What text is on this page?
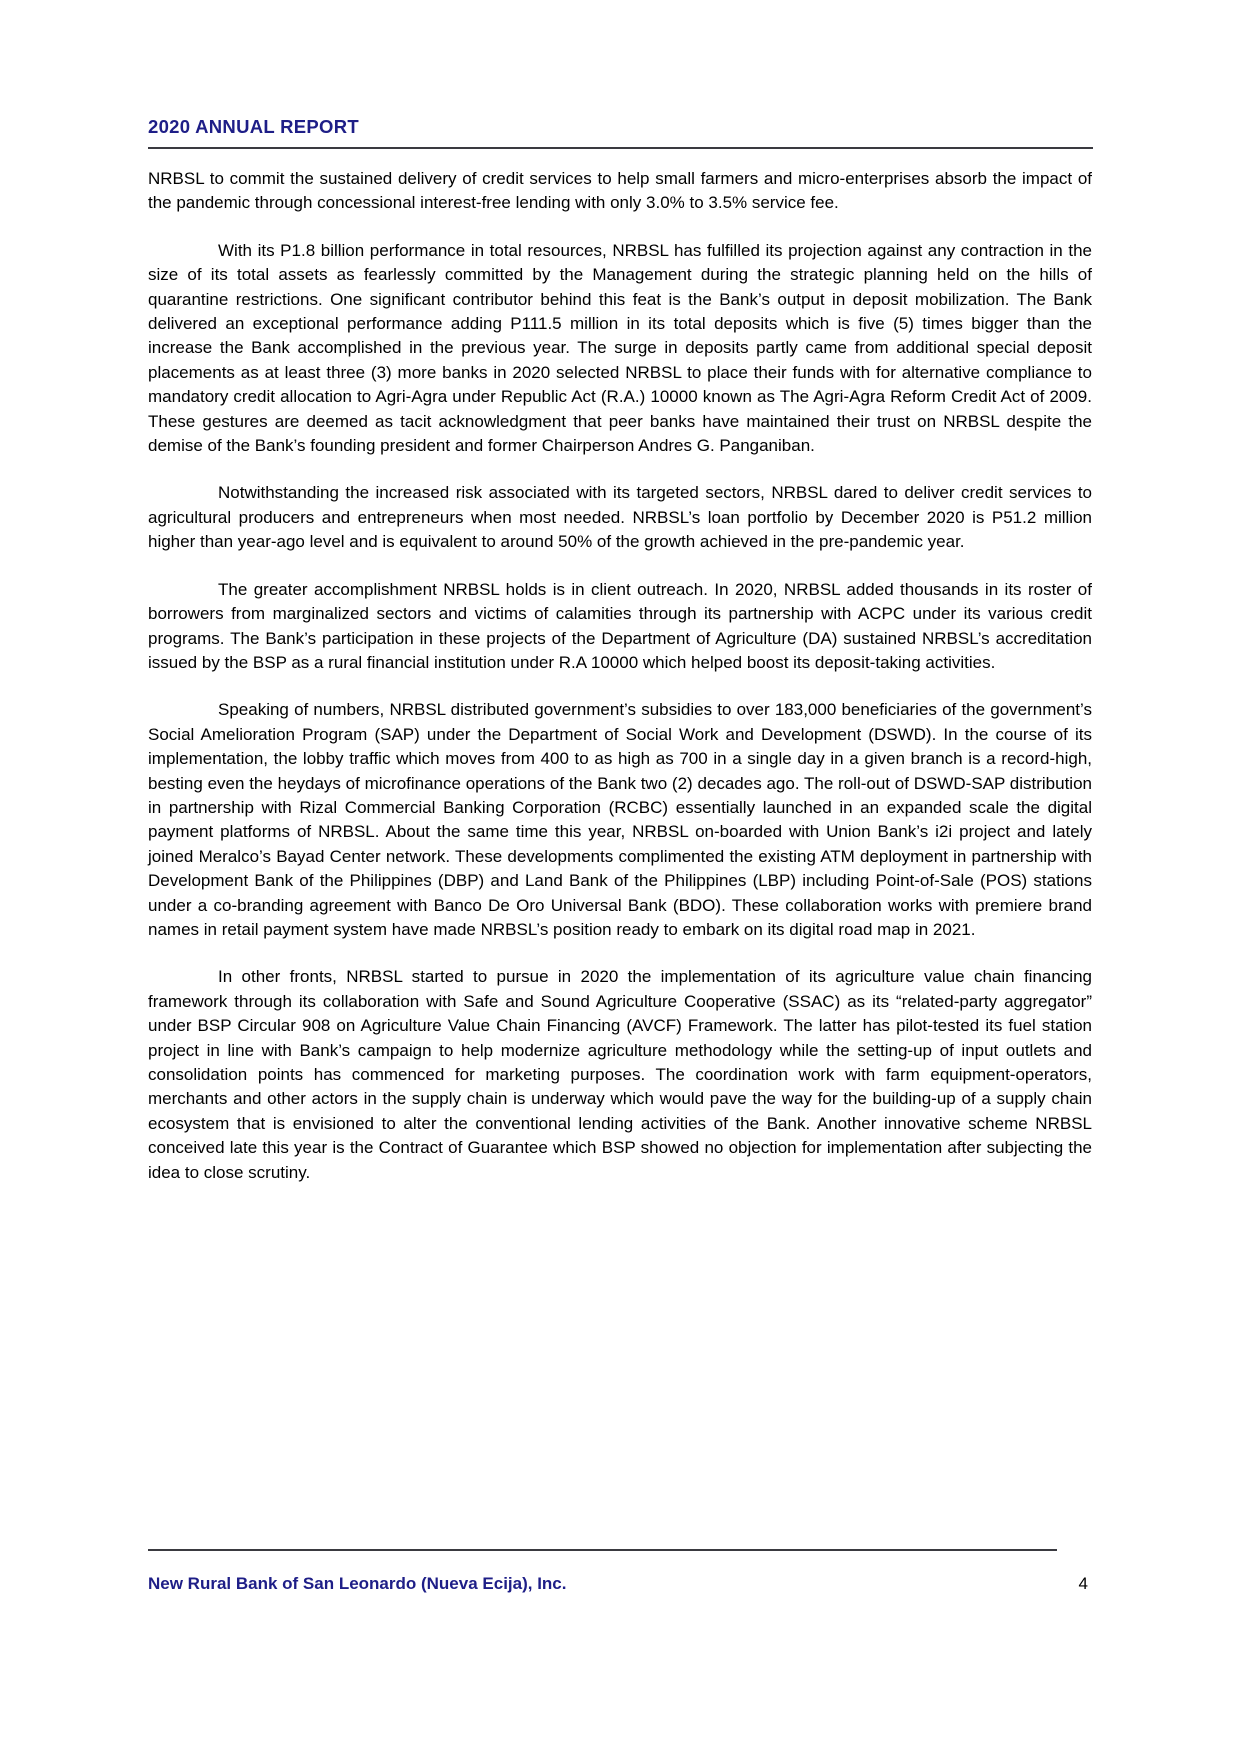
2020 ANNUAL REPORT

NRBSL to commit the sustained delivery of credit services to help small farmers and micro-enterprises absorb the impact of the pandemic through concessional interest-free lending with only 3.0% to 3.5% service fee.

With its P1.8 billion performance in total resources, NRBSL has fulfilled its projection against any contraction in the size of its total assets as fearlessly committed by the Management during the strategic planning held on the hills of quarantine restrictions. One significant contributor behind this feat is the Bank’s output in deposit mobilization. The Bank delivered an exceptional performance adding P111.5 million in its total deposits which is five (5) times bigger than the increase the Bank accomplished in the previous year. The surge in deposits partly came from additional special deposit placements as at least three (3) more banks in 2020 selected NRBSL to place their funds with for alternative compliance to mandatory credit allocation to Agri-Agra under Republic Act (R.A.) 10000 known as The Agri-Agra Reform Credit Act of 2009. These gestures are deemed as tacit acknowledgment that peer banks have maintained their trust on NRBSL despite the demise of the Bank’s founding president and former Chairperson Andres G. Panganiban.

Notwithstanding the increased risk associated with its targeted sectors, NRBSL dared to deliver credit services to agricultural producers and entrepreneurs when most needed. NRBSL’s loan portfolio by December 2020 is P51.2 million higher than year-ago level and is equivalent to around 50% of the growth achieved in the pre-pandemic year.

The greater accomplishment NRBSL holds is in client outreach. In 2020, NRBSL added thousands in its roster of borrowers from marginalized sectors and victims of calamities through its partnership with ACPC under its various credit programs. The Bank’s participation in these projects of the Department of Agriculture (DA) sustained NRBSL’s accreditation issued by the BSP as a rural financial institution under R.A 10000 which helped boost its deposit-taking activities.

Speaking of numbers, NRBSL distributed government’s subsidies to over 183,000 beneficiaries of the government’s Social Amelioration Program (SAP) under the Department of Social Work and Development (DSWD). In the course of its implementation, the lobby traffic which moves from 400 to as high as 700 in a single day in a given branch is a record-high, besting even the heydays of microfinance operations of the Bank two (2) decades ago. The roll-out of DSWD-SAP distribution in partnership with Rizal Commercial Banking Corporation (RCBC) essentially launched in an expanded scale the digital payment platforms of NRBSL. About the same time this year, NRBSL on-boarded with Union Bank’s i2i project and lately joined Meralco’s Bayad Center network. These developments complimented the existing ATM deployment in partnership with Development Bank of the Philippines (DBP) and Land Bank of the Philippines (LBP) including Point-of-Sale (POS) stations under a co-branding agreement with Banco De Oro Universal Bank (BDO). These collaboration works with premiere brand names in retail payment system have made NRBSL’s position ready to embark on its digital road map in 2021.

In other fronts, NRBSL started to pursue in 2020 the implementation of its agriculture value chain financing framework through its collaboration with Safe and Sound Agriculture Cooperative (SSAC) as its “related-party aggregator” under BSP Circular 908 on Agriculture Value Chain Financing (AVCF) Framework. The latter has pilot-tested its fuel station project in line with Bank’s campaign to help modernize agriculture methodology while the setting-up of input outlets and consolidation points has commenced for marketing purposes. The coordination work with farm equipment-operators, merchants and other actors in the supply chain is underway which would pave the way for the building-up of a supply chain ecosystem that is envisioned to alter the conventional lending activities of the Bank. Another innovative scheme NRBSL conceived late this year is the Contract of Guarantee which BSP showed no objection for implementation after subjecting the idea to close scrutiny.

New Rural Bank of San Leonardo (Nueva Ecija), Inc.	4
